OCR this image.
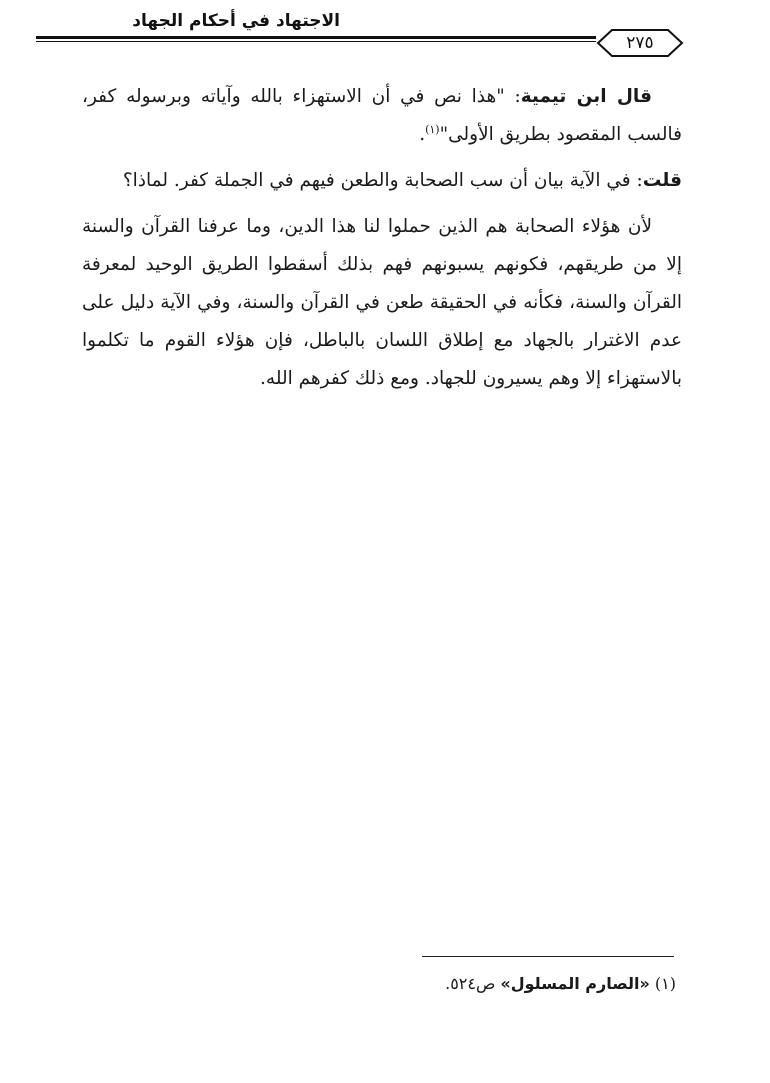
الاجتهاد في أحكام الجهاد
٢٧٥

قال ابن تيمية: "هذا نص في أن الاستهزاء بالله وآياته وبرسوله كفر، فالسب المقصود بطريق الأولى"$^{(١)}$.

قلت: في الآية بيان أن سب الصحابة والطعن فيهم في الجملة كفر. لماذا؟

لأن هؤلاء الصحابة هم الذين حملوا لنا هذا الدين، وما عرفنا القرآن والسنة إلا من طريقهم، فكونهم يسبونهم فهم بذلك أسقطوا الطريق الوحيد لمعرفة القرآن والسنة، فكأنه في الحقيقة طعن في القرآن والسنة، وفي الآية دليل على عدم الاغترار بالجهاد مع إطلاق اللسان بالباطل، فإن هؤلاء القوم ما تكلموا بالاستهزاء إلا وهم يسيرون للجهاد. ومع ذلك كفرهم الله.

(١) «الصارم المسلول» ص٥٢٤.
